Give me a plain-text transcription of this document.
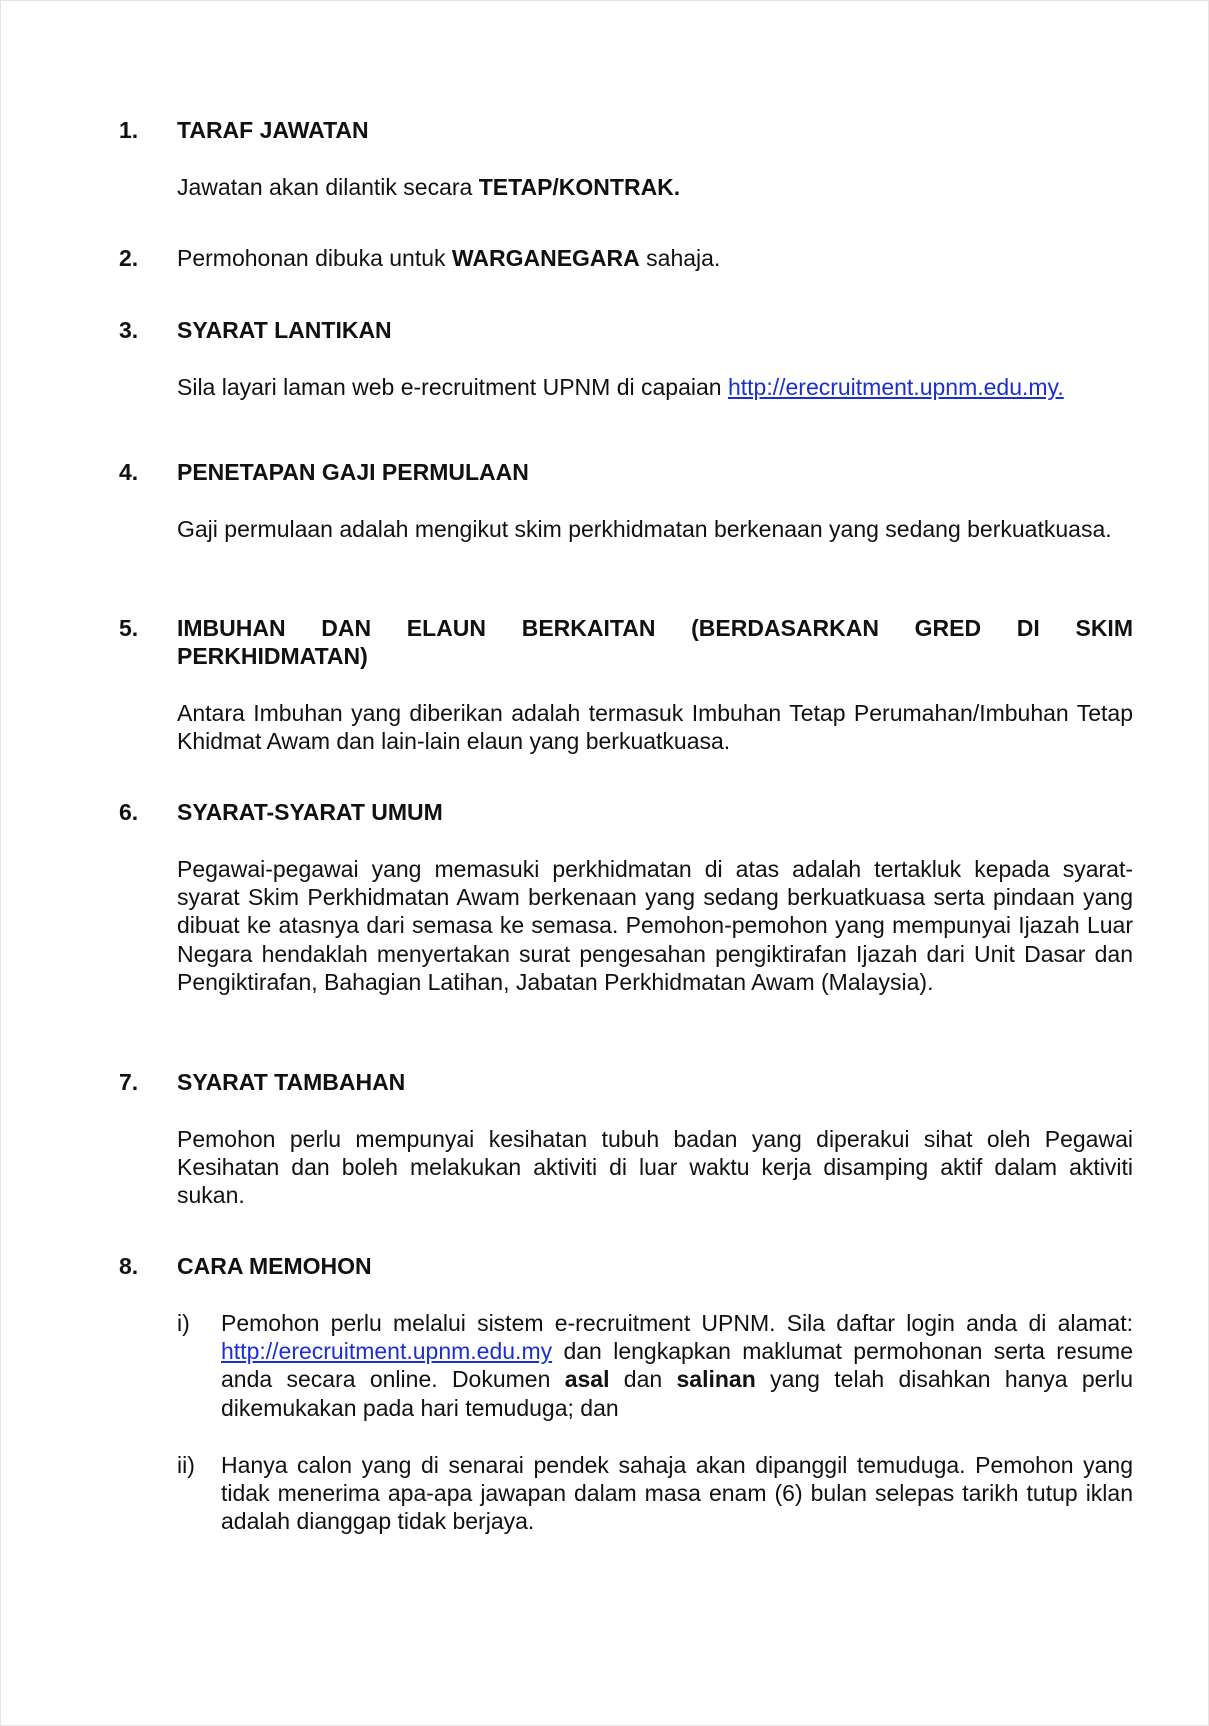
1. TARAF JAWATAN
Jawatan akan dilantik secara TETAP/KONTRAK.
2. Permohonan dibuka untuk WARGANEGARA sahaja.
3. SYARAT LANTIKAN
Sila layari laman web e-recruitment UPNM di capaian http://erecruitment.upnm.edu.my.
4. PENETAPAN GAJI PERMULAAN
Gaji permulaan adalah mengikut skim perkhidmatan berkenaan yang sedang berkuatkuasa.
5. IMBUHAN DAN ELAUN BERKAITAN (BERDASARKAN GRED DI SKIM
PERKHIDMATAN)
Antara Imbuhan yang diberikan adalah termasuk Imbuhan Tetap Perumahan/Imbuhan Tetap Khidmat Awam dan lain-lain elaun yang berkuatkuasa.
6. SYARAT-SYARAT UMUM
Pegawai-pegawai yang memasuki perkhidmatan di atas adalah tertakluk kepada syarat-syarat Skim Perkhidmatan Awam berkenaan yang sedang berkuatkuasa serta pindaan yang dibuat ke atasnya dari semasa ke semasa. Pemohon-pemohon yang mempunyai Ijazah Luar Negara hendaklah menyertakan surat pengesahan pengiktirafan Ijazah dari Unit Dasar dan Pengiktirafan, Bahagian Latihan, Jabatan Perkhidmatan Awam (Malaysia).
7. SYARAT TAMBAHAN
Pemohon perlu mempunyai kesihatan tubuh badan yang diperakui sihat oleh Pegawai Kesihatan dan boleh melakukan aktiviti di luar waktu kerja disamping aktif dalam aktiviti sukan.
8. CARA MEMOHON
i) Pemohon perlu melalui sistem e-recruitment UPNM. Sila daftar login anda di alamat: http://erecruitment.upnm.edu.my dan lengkapkan maklumat permohonan serta resume anda secara online. Dokumen asal dan salinan yang telah disahkan hanya perlu dikemukakan pada hari temuduga; dan
ii) Hanya calon yang di senarai pendek sahaja akan dipanggil temuduga. Pemohon yang tidak menerima apa-apa jawapan dalam masa enam (6) bulan selepas tarikh tutup iklan adalah dianggap tidak berjaya.
